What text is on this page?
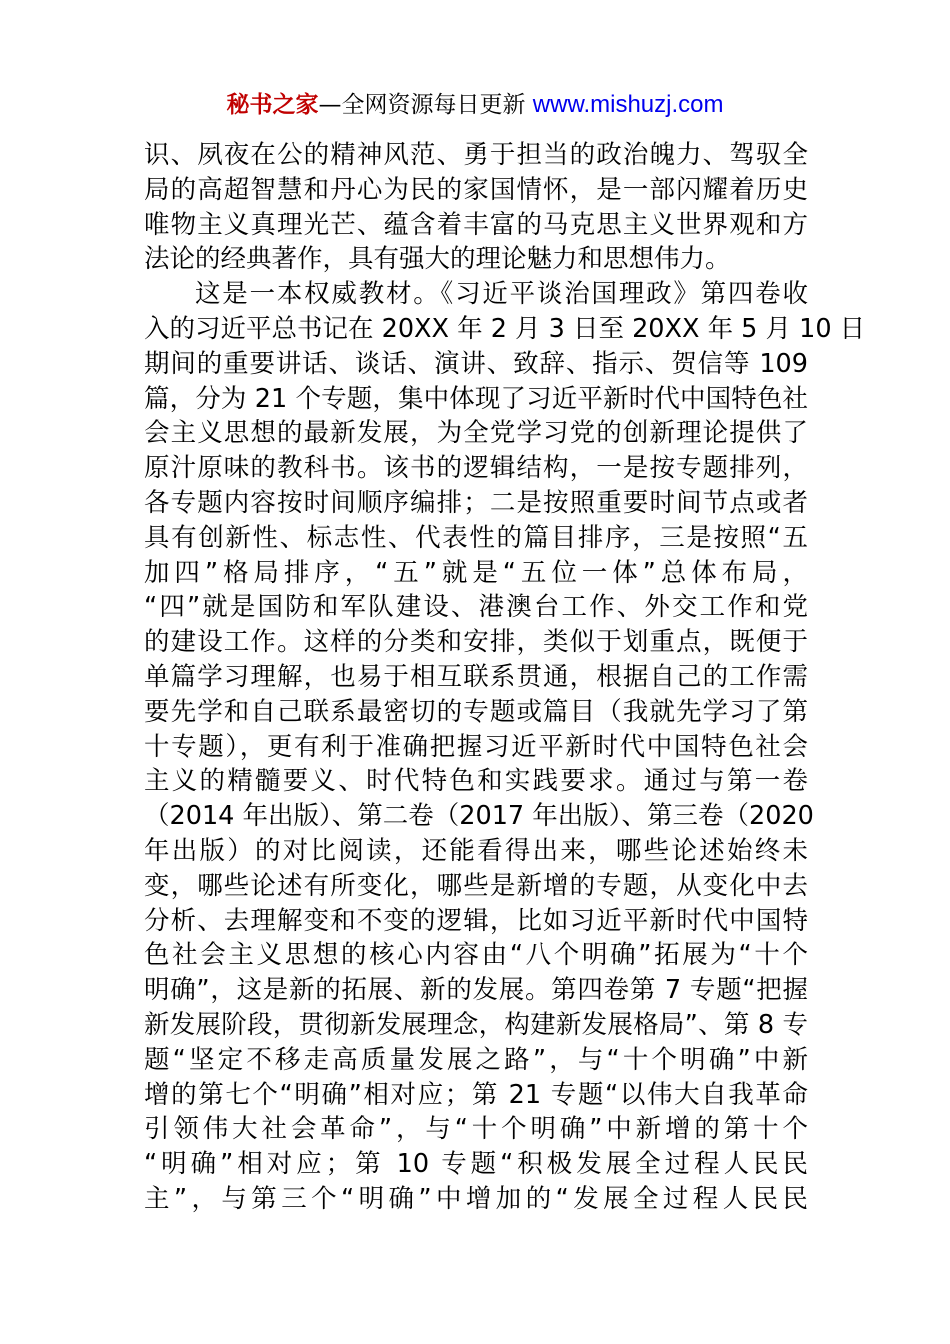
秘书之家—全网资源每日更新 www.mishuzj.com
识、夙夜在公的精神风范、勇于担当的政治魄力、驾驭全
局的高超智慧和丹心为民的家国情怀，是一部闪耀着历史
唯物主义真理光芒、蕴含着丰富的马克思主义世界观和方
法论的经典著作，具有强大的理论魅力和思想伟力。
这是一本权威教材。《习近平谈治国理政》第四卷收
入的习近平总书记在 20XX 年 2 月 3 日至 20XX 年 5 月 10 日
期间的重要讲话、谈话、演讲、致辞、指示、贺信等 109
篇，分为 21 个专题，集中体现了习近平新时代中国特色社
会主义思想的最新发展，为全党学习党的创新理论提供了
原汁原味的教科书。该书的逻辑结构，一是按专题排列，
各专题内容按时间顺序编排；二是按照重要时间节点或者
具有创新性、标志性、代表性的篇目排序，三是按照“五
加四”格局排序，“五”就是“五位一体”总体布局，
“四”就是国防和军队建设、港澳台工作、外交工作和党
的建设工作。这样的分类和安排，类似于划重点，既便于
单篇学习理解，也易于相互联系贯通，根据自己的工作需
要先学和自己联系最密切的专题或篇目（我就先学习了第
十专题），更有利于准确把握习近平新时代中国特色社会
主义的精髓要义、时代特色和实践要求。通过与第一卷
（2014 年出版）、第二卷（2017 年出版）、第三卷（2020
年出版）的对比阅读，还能看得出来，哪些论述始终未
变，哪些论述有所变化，哪些是新增的专题，从变化中去
分析、去理解变和不变的逻辑，比如习近平新时代中国特
色社会主义思想的核心内容由“八个明确”拓展为“十个
明确”，这是新的拓展、新的发展。第四卷第 7 专题“把握
新发展阶段，贯彻新发展理念，构建新发展格局”、第 8 专
题“坚定不移走高质量发展之路”，与“十个明确”中新
增的第七个“明确”相对应；第 21 专题“以伟大自我革命
引领伟大社会革命”，与“十个明确”中新增的第十个
“明确”相对应；第 10 专题“积极发展全过程人民民
主”，与第三个“明确”中增加的“发展全过程人民民
